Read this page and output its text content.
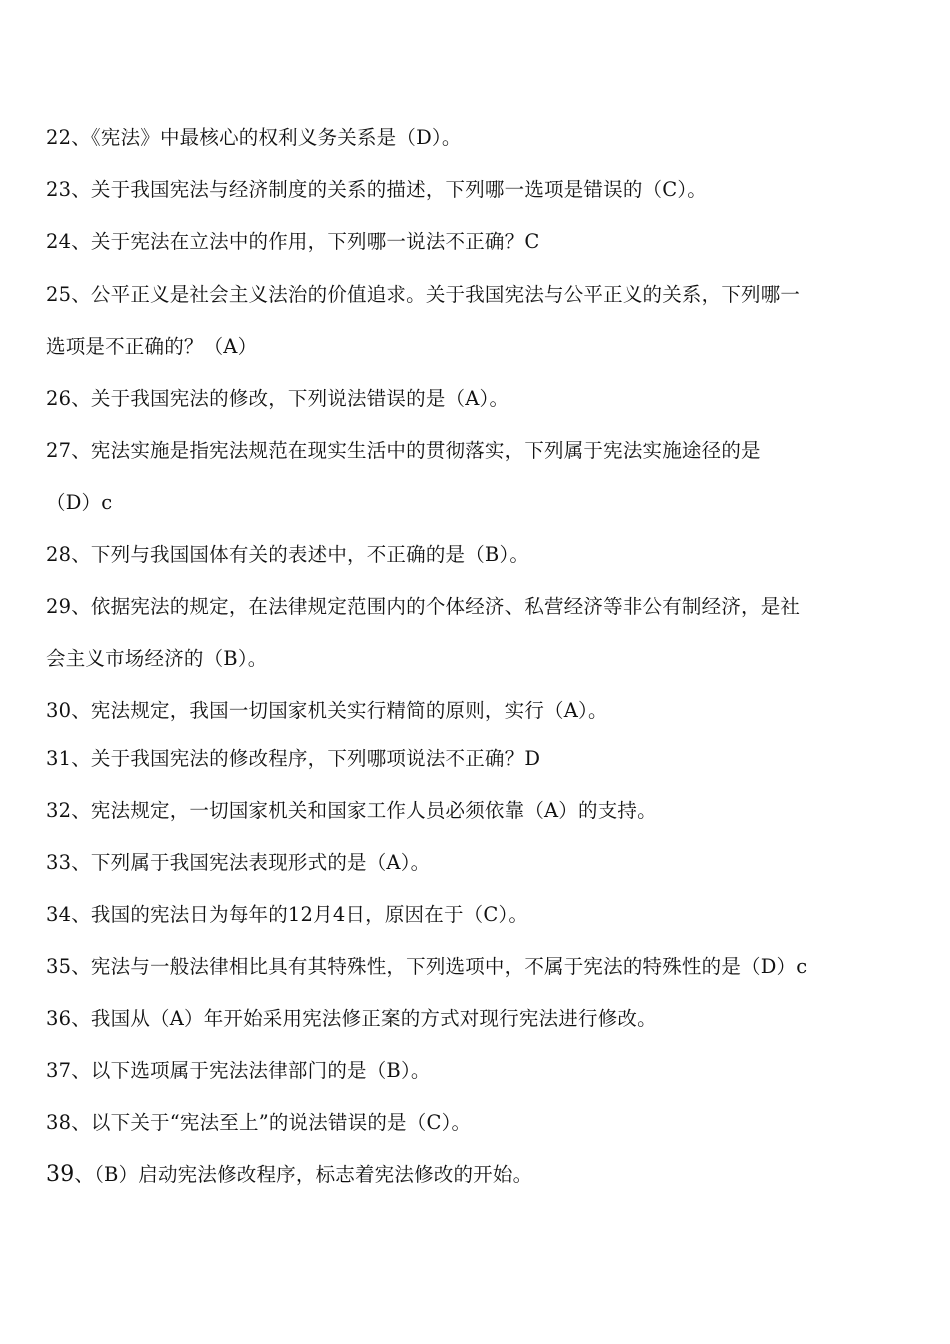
22、《宪法》中最核心的权利义务关系是（D）。
23、关于我国宪法与经济制度的关系的描述，下列哪一选项是错误的（C）。
24、关于宪法在立法中的作用，下列哪一说法不正确？C
25、公平正义是社会主义法治的价值追求。关于我国宪法与公平正义的关系，下列哪一
选项是不正确的？（A）
26、关于我国宪法的修改，下列说法错误的是（A）。
27、宪法实施是指宪法规范在现实生活中的贯彻落实，下列属于宪法实施途径的是
（D）c
28、下列与我国国体有关的表述中，不正确的是（B）。
29、依据宪法的规定，在法律规定范围内的个体经济、私营经济等非公有制经济，是社
会主义市场经济的（B）。
30、宪法规定，我国一切国家机关实行精简的原则，实行（A）。
31、关于我国宪法的修改程序，下列哪项说法不正确？D
32、宪法规定，一切国家机关和国家工作人员必须依靠（A）的支持。
33、下列属于我国宪法表现形式的是（A）。
34、我国的宪法日为每年的12月4日，原因在于（C）。
35、宪法与一般法律相比具有其特殊性，下列选项中，不属于宪法的特殊性的是（D）c
36、我国从（A）年开始采用宪法修正案的方式对现行宪法进行修改。
37、以下选项属于宪法法律部门的是（B）。
38、以下关于“宪法至上”的说法错误的是（C）。
39、（B）启动宪法修改程序，标志着宪法修改的开始。
